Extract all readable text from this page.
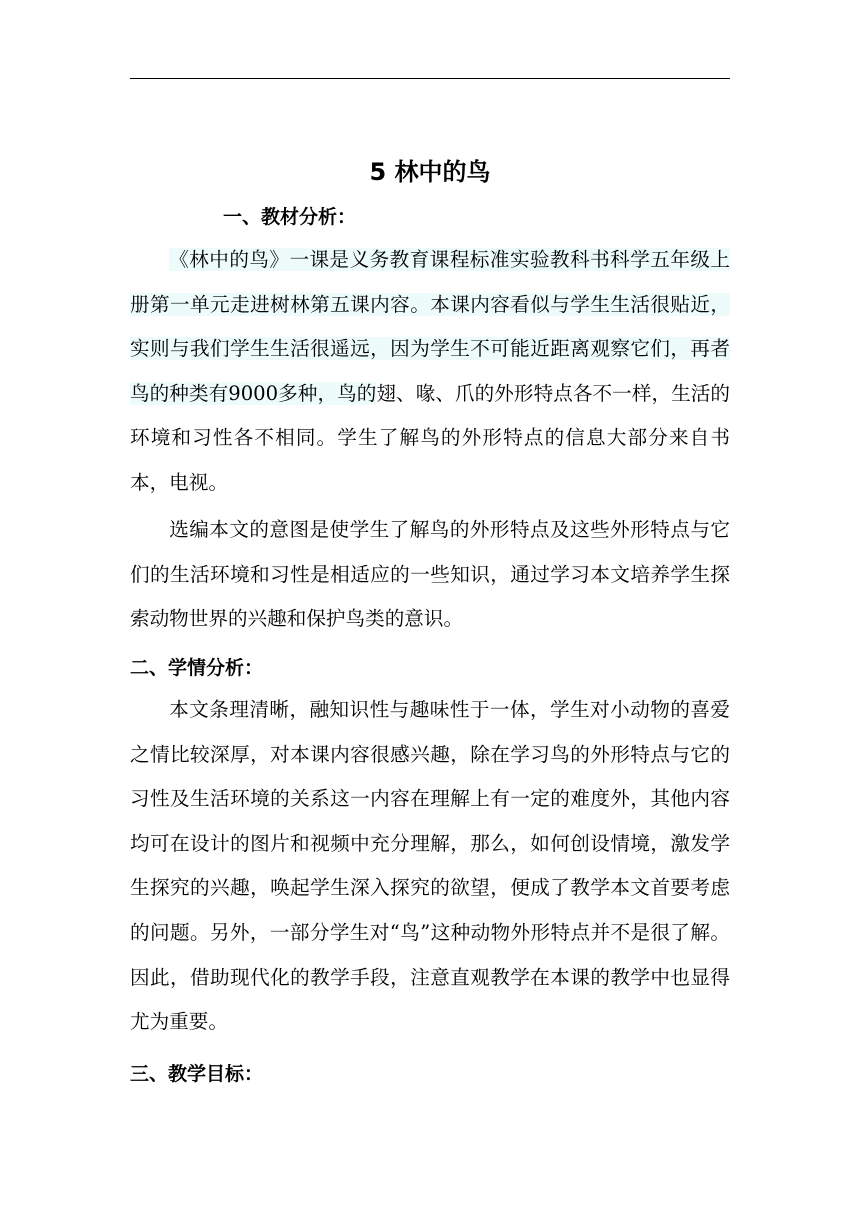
5 林中的鸟
一、教材分析：
《林中的鸟》一课是义务教育课程标准实验教科书科学五年级上册第一单元走进树林第五课内容。本课内容看似与学生生活很贴近，实则与我们学生生活很遥远，因为学生不可能近距离观察它们，再者鸟的种类有9000多种，鸟的翅、喙、爪的外形特点各不一样，生活的环境和习性各不相同。学生了解鸟的外形特点的信息大部分来自书本，电视。
选编本文的意图是使学生了解鸟的外形特点及这些外形特点与它们的生活环境和习性是相适应的一些知识，通过学习本文培养学生探索动物世界的兴趣和保护鸟类的意识。
二、学情分析：
本文条理清晰，融知识性与趣味性于一体，学生对小动物的喜爱之情比较深厚，对本课内容很感兴趣，除在学习鸟的外形特点与它的习性及生活环境的关系这一内容在理解上有一定的难度外，其他内容均可在设计的图片和视频中充分理解，那么，如何创设情境，激发学生探究的兴趣，唤起学生深入探究的欲望，便成了教学本文首要考虑的问题。另外，一部分学生对“鸟”这种动物外形特点并不是很了解。因此，借助现代化的教学手段，注意直观教学在本课的教学中也显得尤为重要。
三、教学目标：
